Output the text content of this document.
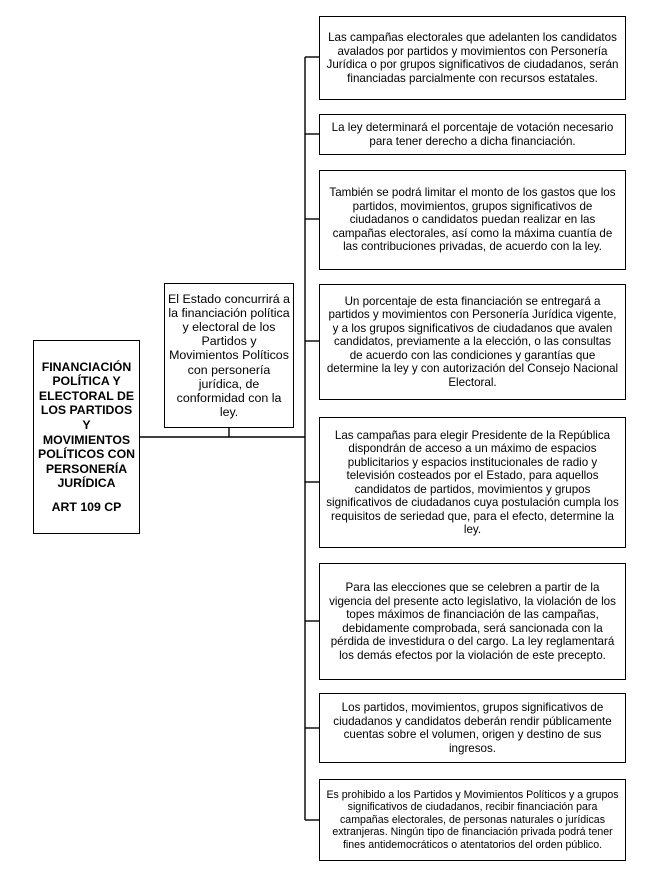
FINANCIACIÓN POLÍTICA Y ELECTORAL DE LOS PARTIDOS Y MOVIMIENTOS POLÍTICOS CON PERSONERÍA JURÍDICA
ART 109 CP
El Estado concurrirá a la financiación política y electoral de los Partidos y Movimientos Políticos con personería jurídica, de conformidad con la ley.
Las campañas electorales que adelanten los candidatos avalados por partidos y movimientos con Personería Jurídica o por grupos significativos de ciudadanos, serán financiadas parcialmente con recursos estatales.
La ley determinará el porcentaje de votación necesario para tener derecho a dicha financiación.
También se podrá limitar el monto de los gastos que los partidos, movimientos, grupos significativos de ciudadanos o candidatos puedan realizar en las campañas electorales, así como la máxima cuantía de las contribuciones privadas, de acuerdo con la ley.
Un porcentaje de esta financiación se entregará a partidos y movimientos con Personería Jurídica vigente, y a los grupos significativos de ciudadanos que avalen candidatos, previamente a la elección, o las consultas de acuerdo con las condiciones y garantías que determine la ley y con autorización del Consejo Nacional Electoral.
Las campañas para elegir Presidente de la República dispondrán de acceso a un máximo de espacios publicitarios y espacios institucionales de radio y televisión costeados por el Estado, para aquellos candidatos de partidos, movimientos y grupos significativos de ciudadanos cuya postulación cumpla los requisitos de seriedad que, para el efecto, determine la ley.
Para las elecciones que se celebren a partir de la vigencia del presente acto legislativo, la violación de los topes máximos de financiación de las campañas, debidamente comprobada, será sancionada con la pérdida de investidura o del cargo. La ley reglamentará los demás efectos por la violación de este precepto.
Los partidos, movimientos, grupos significativos de ciudadanos y candidatos deberán rendir públicamente cuentas sobre el volumen, origen y destino de sus ingresos.
Es prohibido a los Partidos y Movimientos Políticos y a grupos significativos de ciudadanos, recibir financiación para campañas electorales, de personas naturales o jurídicas extranjeras. Ningún tipo de financiación privada podrá tener fines antidemocráticos o atentatorios del orden público.
